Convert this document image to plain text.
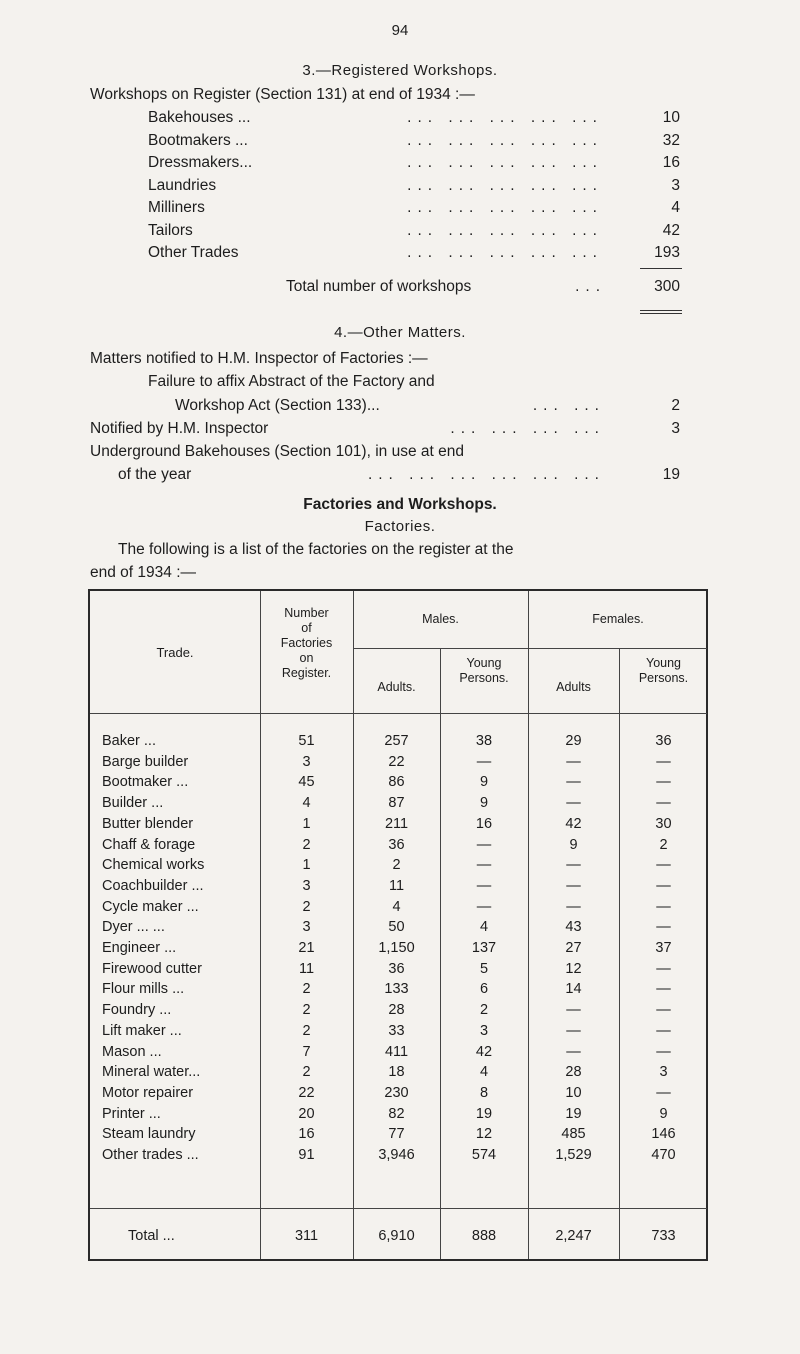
94
3.—Registered Workshops.
Workshops on Register (Section 131) at end of 1934 :—
Bakehouses ...	... ... ... ... ...	10
Bootmakers ...	... ... ... ... ...	32
Dressmakers...	... ... ... ... ...	16
Laundries	... ... ... ... ...	3
Milliners	... ... ... ... ...	4
Tailors	... ... ... ... ...	42
Other Trades	... ... ... ... ...	193
Total number of workshops	...	300
4.—Other Matters.
Matters notified to H.M. Inspector of Factories :—
Failure to affix Abstract of the Factory and
Workshop Act (Section 133)...	... ...	2
Notified by H.M. Inspector	... ... ... ...	3
Underground Bakehouses (Section 101), in use at end
of the year	... ... ... ... ... ...	19
Factories and Workshops.
Factories.
The following is a list of the factories on the register at the
end of 1934 :—
Trade.
Number
of
Factories
on
Register.
Males.	Females.
Adults.
Young
Persons.
Adults
Young
Persons.
Baker ...	51	257	38	29	36
Barge builder	3	22	—	—	—
Bootmaker ...	45	86	9	—	—
Builder ...	4	87	9	—	—
Butter blender	1	211	16	42	30
Chaff & forage	2	36	—	9	2
Chemical works	1	2	—	—	—
Coachbuilder ...	3	11	—	—	—
Cycle maker ...	2	4	—	—	—
Dyer ... ...	3	50	4	43	—
Engineer ...	21	1,150	137	27	37
Firewood cutter	11	36	5	12	—
Flour mills ...	2	133	6	14	—
Foundry ...	2	28	2	—	—
Lift maker ...	2	33	3	—	—
Mason ...	7	411	42	—	—
Mineral water...	2	18	4	28	3
Motor repairer	22	230	8	10	—
Printer ...	20	82	19	19	9
Steam laundry	16	77	12	485	146
Other trades ...	91	3,946	574	1,529	470
Total ...	311	6,910	888	2,247	733
